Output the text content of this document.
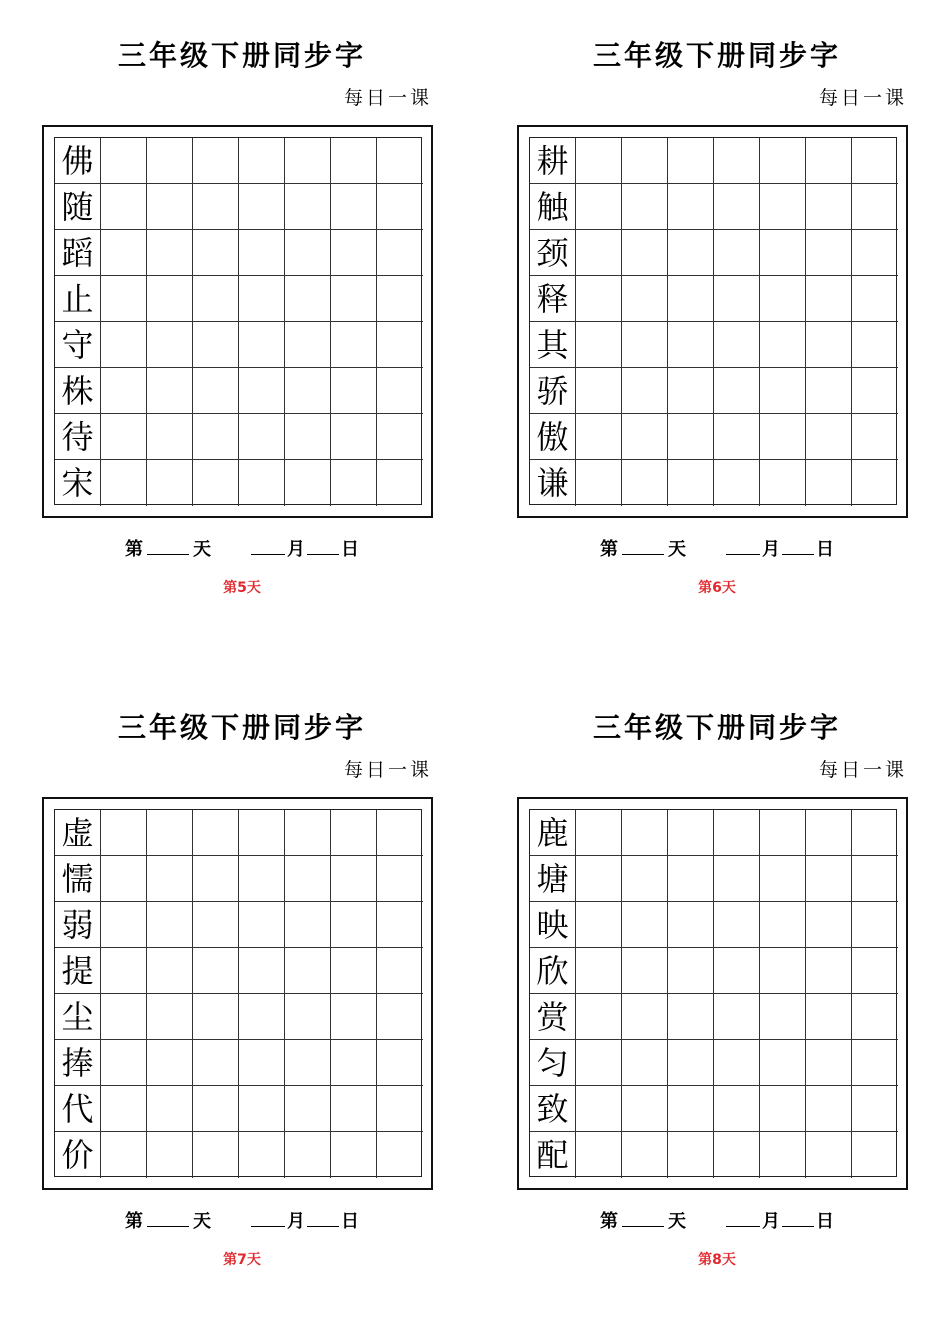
三年级下册同步字
每日一课
佛
随
蹈
止
守
株
待
宋
第	天	月 日
第5天
三年级下册同步字
每日一课
耕
触
颈
释
其
骄
傲
谦
第	天	月 日
第6天
三年级下册同步字
每日一课
虚
懦
弱
提
尘
捧
代
价
第	天	月 日
第7天
三年级下册同步字
每日一课
鹿
塘
映
欣
赏
匀
致
配
第	天	月 日
第8天
